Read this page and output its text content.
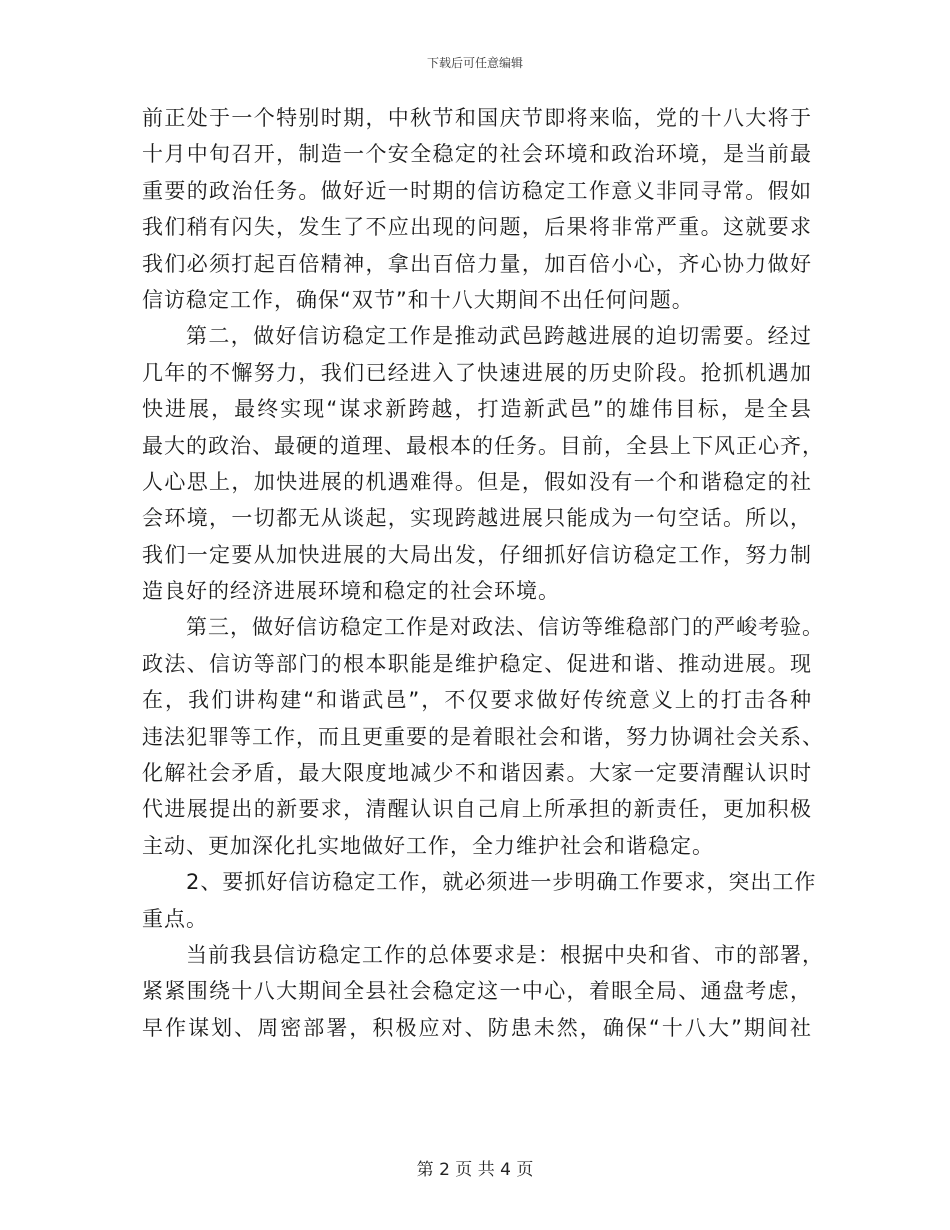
下载后可任意编辑
前正处于一个特别时期，中秋节和国庆节即将来临，党的十八大将于
十月中旬召开，制造一个安全稳定的社会环境和政治环境，是当前最
重要的政治任务。做好近一时期的信访稳定工作意义非同寻常。假如
我们稍有闪失，发生了不应出现的问题，后果将非常严重。这就要求
我们必须打起百倍精神，拿出百倍力量，加百倍小心，齐心协力做好
信访稳定工作，确保“双节”和十八大期间不出任何问题。
第二，做好信访稳定工作是推动武邑跨越进展的迫切需要。经过
几年的不懈努力，我们已经进入了快速进展的历史阶段。抢抓机遇加
快进展，最终实现“谋求新跨越，打造新武邑”的雄伟目标，是全县
最大的政治、最硬的道理、最根本的任务。目前，全县上下风正心齐，
人心思上，加快进展的机遇难得。但是，假如没有一个和谐稳定的社
会环境，一切都无从谈起，实现跨越进展只能成为一句空话。所以，
我们一定要从加快进展的大局出发，仔细抓好信访稳定工作，努力制
造良好的经济进展环境和稳定的社会环境。
第三，做好信访稳定工作是对政法、信访等维稳部门的严峻考验。
政法、信访等部门的根本职能是维护稳定、促进和谐、推动进展。现
在，我们讲构建“和谐武邑”，不仅要求做好传统意义上的打击各种
违法犯罪等工作，而且更重要的是着眼社会和谐，努力协调社会关系、
化解社会矛盾，最大限度地减少不和谐因素。大家一定要清醒认识时
代进展提出的新要求，清醒认识自己肩上所承担的新责任，更加积极
主动、更加深化扎实地做好工作，全力维护社会和谐稳定。
2、要抓好信访稳定工作，就必须进一步明确工作要求，突出工作
重点。
当前我县信访稳定工作的总体要求是：根据中央和省、市的部署，
紧紧围绕十八大期间全县社会稳定这一中心，着眼全局、通盘考虑，
早作谋划、周密部署，积极应对、防患未然，确保“十八大”期间社
第 2 页 共 4 页
